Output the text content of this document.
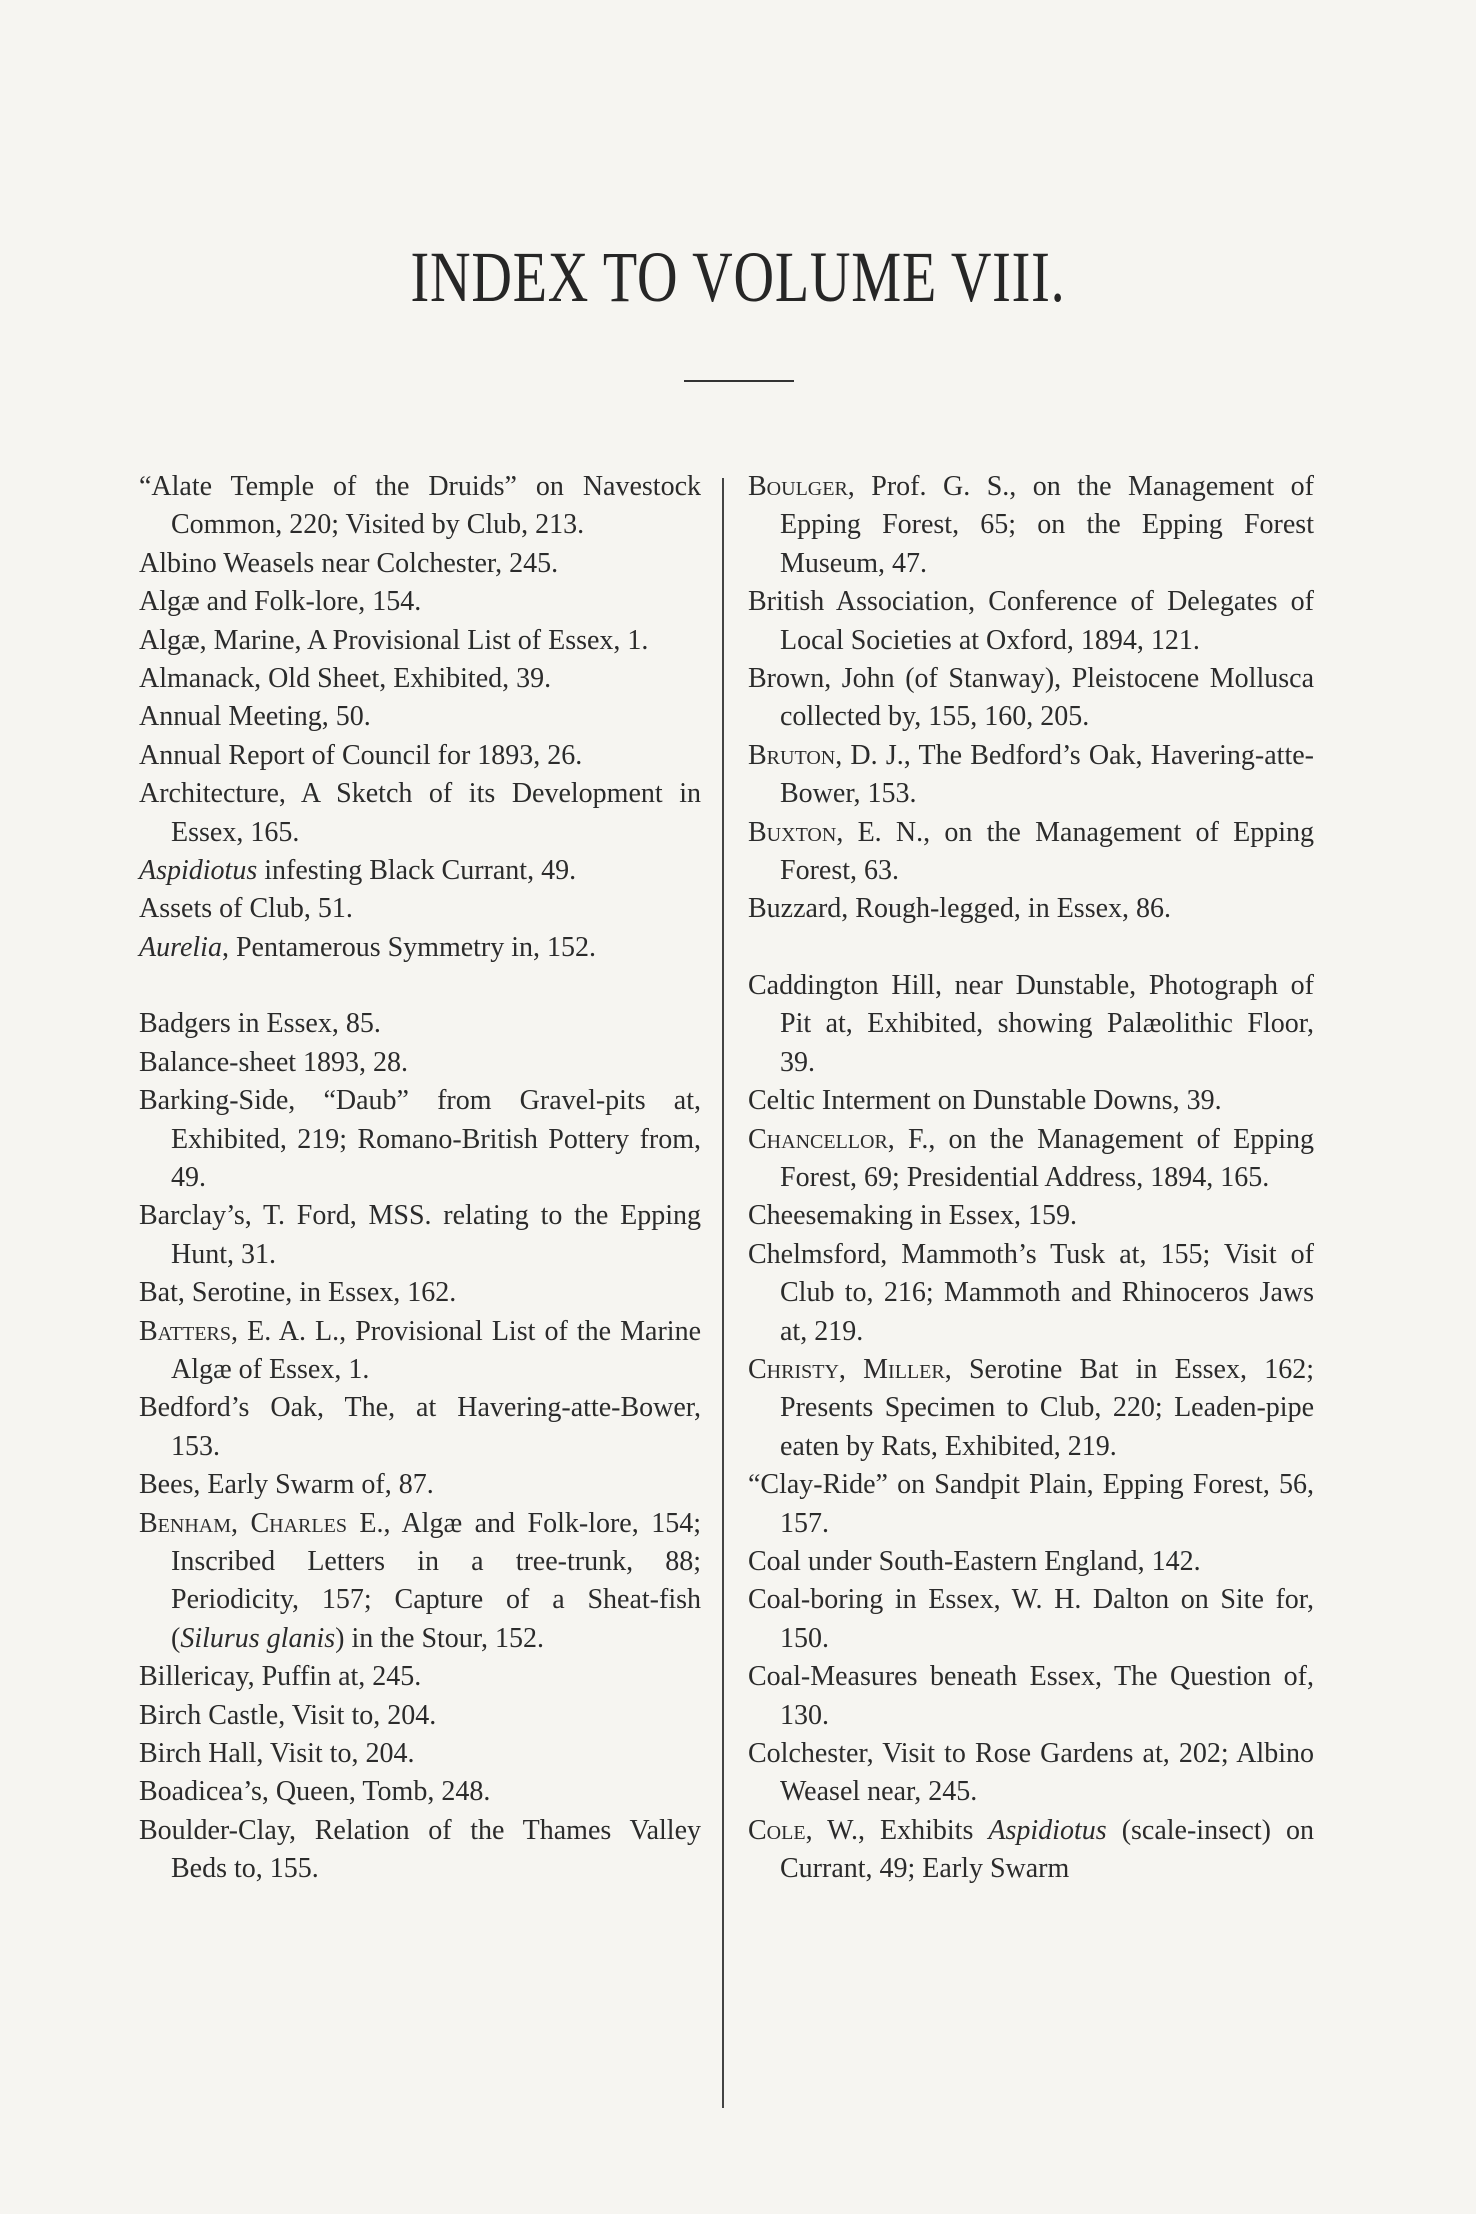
INDEX TO VOLUME VIII.

“Alate Temple of the Druids” on Navestock Common, 220; Visited by Club, 213.

Albino Weasels near Colchester, 245.

Algæ and Folk-lore, 154.

Algæ, Marine, A Provisional List of Essex, 1.

Almanack, Old Sheet, Exhibited, 39.

Annual Meeting, 50.

Annual Report of Council for 1893, 26.

Architecture, A Sketch of its Development in Essex, 165.

Aspidiotus infesting Black Currant, 49.

Assets of Club, 51.

Aurelia, Pentamerous Symmetry in, 152.

Badgers in Essex, 85.

Balance-sheet 1893, 28.

Barking-Side, “Daub” from Gravel-pits at, Exhibited, 219; Romano-British Pottery from, 49.

Barclay’s, T. Ford, MSS. relating to the Epping Hunt, 31.

Bat, Serotine, in Essex, 162.

Batters, E. A. L., Provisional List of the Marine Algæ of Essex, 1.

Bedford’s Oak, The, at Havering-atte-Bower, 153.

Bees, Early Swarm of, 87.

Benham, Charles E., Algæ and Folk-lore, 154; Inscribed Letters in a tree-trunk, 88; Periodicity, 157; Capture of a Sheat-fish (Silurus glanis) in the Stour, 152.

Billericay, Puffin at, 245.

Birch Castle, Visit to, 204.

Birch Hall, Visit to, 204.

Boadicea’s, Queen, Tomb, 248.

Boulder-Clay, Relation of the Thames Valley Beds to, 155.

Boulger, Prof. G. S., on the Management of Epping Forest, 65; on the Epping Forest Museum, 47.

British Association, Conference of Delegates of Local Societies at Oxford, 1894, 121.

Brown, John (of Stanway), Pleistocene Mollusca collected by, 155, 160, 205.

Bruton, D. J., The Bedford’s Oak, Havering-atte-Bower, 153.

Buxton, E. N., on the Management of Epping Forest, 63.

Buzzard, Rough-legged, in Essex, 86.

Caddington Hill, near Dunstable, Photograph of Pit at, Exhibited, showing Palæolithic Floor, 39.

Celtic Interment on Dunstable Downs, 39.

Chancellor, F., on the Management of Epping Forest, 69; Presidential Address, 1894, 165.

Cheesemaking in Essex, 159.

Chelmsford, Mammoth’s Tusk at, 155; Visit of Club to, 216; Mammoth and Rhinoceros Jaws at, 219.

Christy, Miller, Serotine Bat in Essex, 162; Presents Specimen to Club, 220; Leaden-pipe eaten by Rats, Exhibited, 219.

“Clay-Ride” on Sandpit Plain, Epping Forest, 56, 157.

Coal under South-Eastern England, 142.

Coal-boring in Essex, W. H. Dalton on Site for, 150.

Coal-Measures beneath Essex, The Question of, 130.

Colchester, Visit to Rose Gardens at, 202; Albino Weasel near, 245.

Cole, W., Exhibits Aspidiotus (scale-insect) on Currant, 49; Early Swarm
